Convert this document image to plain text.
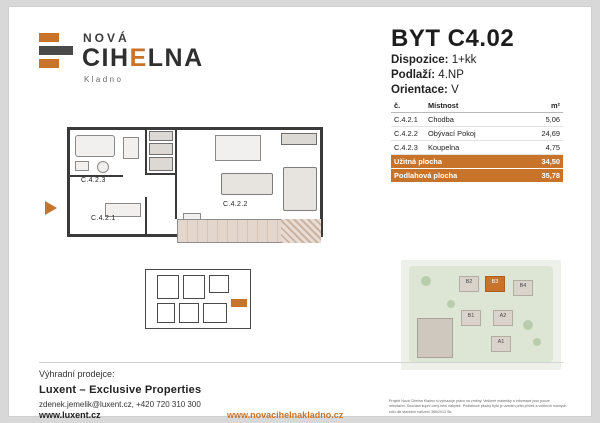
NOVÁ
CIHELNA
Kladno
BYT C4.02
Dispozice: 1+kk
Podlaží: 4.NP
Orientace: V
č.	Místnost	m²
C.4.2.1	Chodba	5,06
C.4.2.2	Obývací Pokoj	24,69
C.4.2.3	Koupelna	4,75
Užitná plocha		34,50
Podlahová plocha		35,78
C.4.2.3
C.4.2.2
C.4.2.1
B2	B3
B4
B1	A2
A1
Výhradní prodejce:
Luxent – Exclusive Properties
zdenek.jemelik@luxent.cz, +420 720 310 300
www.luxent.cz	www.novacihelnakladno.cz
Projekt Nová Cihelna Kladno si vyhrazuje právo na změny. Veškeré materiály a informace jsou pouze orientační. Součástí kupní ceny není nábytek. Podlahové plochy bytu je uveden práh příček a vnitřních nosných zdin dle stavební nařízení 366/2013 Sb.
